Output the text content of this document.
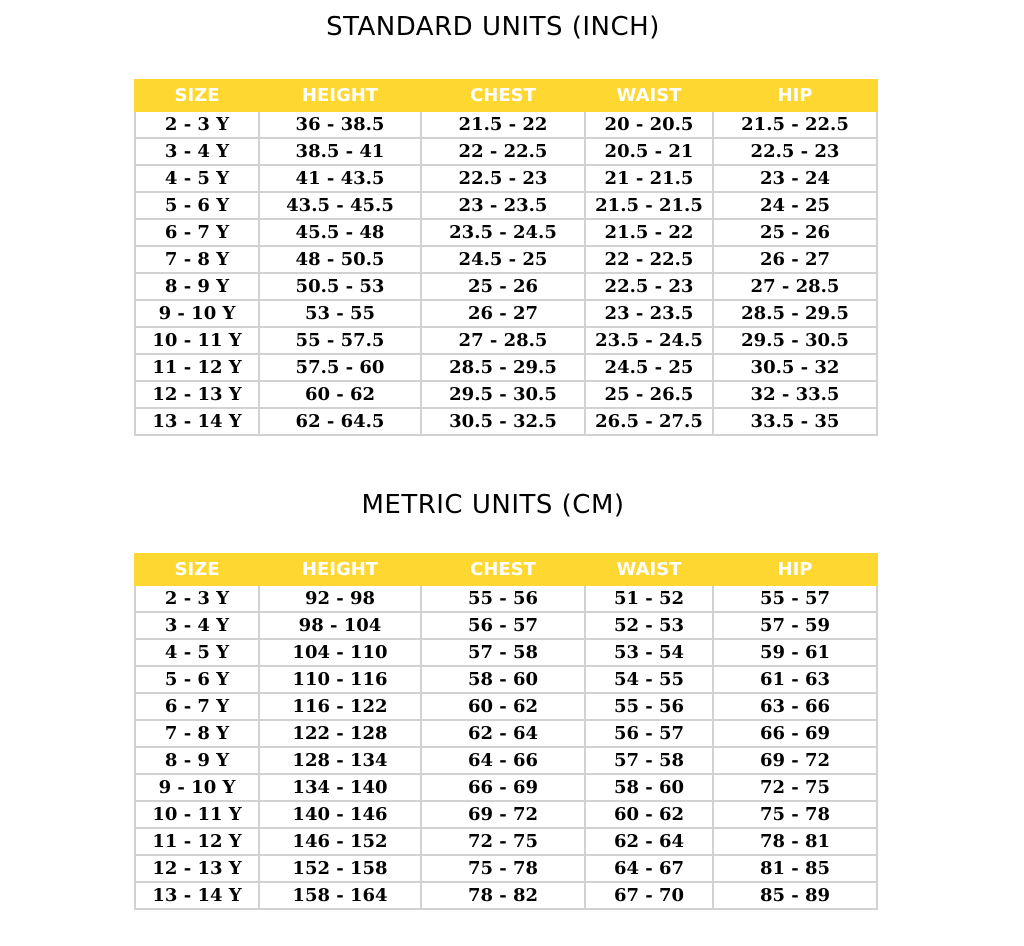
STANDARD UNITS (INCH)
SIZE	HEIGHT	CHEST	WAIST	HIP
2 - 3 Y	36 - 38.5	21.5 - 22	20 - 20.5	21.5 - 22.5
3 - 4 Y	38.5 - 41	22 - 22.5	20.5 - 21	22.5 - 23
4 - 5 Y	41 - 43.5	22.5 - 23	21 - 21.5	23 - 24
5 - 6 Y	43.5 - 45.5	23 - 23.5	21.5 - 21.5	24 - 25
6 - 7 Y	45.5 - 48	23.5 - 24.5	21.5 - 22	25 - 26
7 - 8 Y	48 - 50.5	24.5 - 25	22 - 22.5	26 - 27
8 - 9 Y	50.5 - 53	25 - 26	22.5 - 23	27 - 28.5
9 - 10 Y	53 - 55	26 - 27	23 - 23.5	28.5 - 29.5
10 - 11 Y	55 - 57.5	27 - 28.5	23.5 - 24.5	29.5 - 30.5
11 - 12 Y	57.5 - 60	28.5 - 29.5	24.5 - 25	30.5 - 32
12 - 13 Y	60 - 62	29.5 - 30.5	25 - 26.5	32 - 33.5
13 - 14 Y	62 - 64.5	30.5 - 32.5	26.5 - 27.5	33.5 - 35
METRIC UNITS (CM)
SIZE	HEIGHT	CHEST	WAIST	HIP
2 - 3 Y	92 - 98	55 - 56	51 - 52	55 - 57
3 - 4 Y	98 - 104	56 - 57	52 - 53	57 - 59
4 - 5 Y	104 - 110	57 - 58	53 - 54	59 - 61
5 - 6 Y	110 - 116	58 - 60	54 - 55	61 - 63
6 - 7 Y	116 - 122	60 - 62	55 - 56	63 - 66
7 - 8 Y	122 - 128	62 - 64	56 - 57	66 - 69
8 - 9 Y	128 - 134	64 - 66	57 - 58	69 - 72
9 - 10 Y	134 - 140	66 - 69	58 - 60	72 - 75
10 - 11 Y	140 - 146	69 - 72	60 - 62	75 - 78
11 - 12 Y	146 - 152	72 - 75	62 - 64	78 - 81
12 - 13 Y	152 - 158	75 - 78	64 - 67	81 - 85
13 - 14 Y	158 - 164	78 - 82	67 - 70	85 - 89
